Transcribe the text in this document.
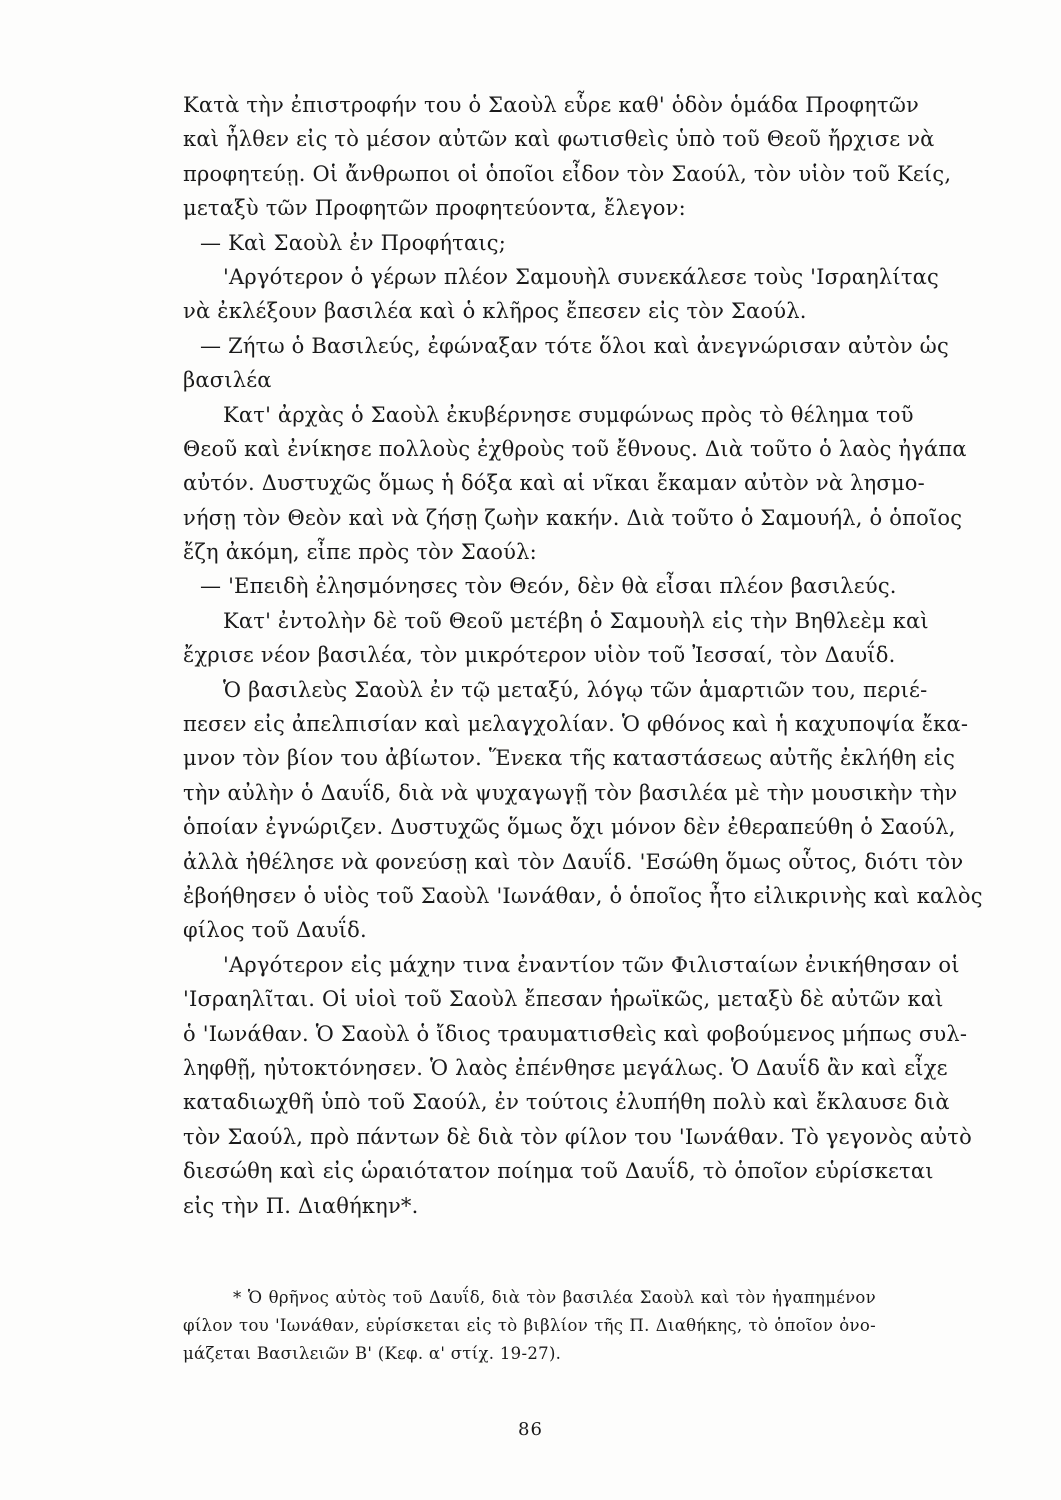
Κατὰ τὴν ἐπιστροφήν του ὁ Σαοὺλ εὗρε καθ' ὁδὸν ὁμάδα Προφητῶν
καὶ ἦλθεν εἰς τὸ μέσον αὐτῶν καὶ φωτισθεὶς ὑπὸ τοῦ Θεοῦ ἤρχισε νὰ
προφητεύῃ. Οἱ ἄνθρωποι οἱ ὁποῖοι εἶδον τὸν Σαούλ, τὸν υἱὸν τοῦ Κείς,
μεταξὺ τῶν Προφητῶν προφητεύοντα, ἔλεγον:
— Καὶ Σαοὺλ ἐν Προφήταις;
'Αργότερον ὁ γέρων πλέον Σαμουὴλ συνεκάλεσε τοὺς 'Ισραηλίτας
νὰ ἐκλέξουν βασιλέα καὶ ὁ κλῆρος ἔπεσεν εἰς τὸν Σαούλ.
— Ζήτω ὁ Βασιλεύς, ἐφώναξαν τότε ὅλοι καὶ ἀνεγνώρισαν αὐτὸν ὡς
βασιλέα
Κατ' ἀρχὰς ὁ Σαοὺλ ἐκυβέρνησε συμφώνως πρὸς τὸ θέλημα τοῦ
Θεοῦ καὶ ἐνίκησε πολλοὺς ἐχθροὺς τοῦ ἔθνους. Διὰ τοῦτο ὁ λαὸς ἠγάπα
αὐτόν. Δυστυχῶς ὅμως ἡ δόξα καὶ αἱ νῖκαι ἔκαμαν αὐτὸν νὰ λησμο-
νήσῃ τὸν Θεὸν καὶ νὰ ζήσῃ ζωὴν κακήν. Διὰ τοῦτο ὁ Σαμουήλ, ὁ ὁποῖος
ἔζη ἀκόμη, εἶπε πρὸς τὸν Σαούλ:
— 'Επειδὴ ἐλησμόνησες τὸν Θεόν, δὲν θὰ εἶσαι πλέον βασιλεύς.
Κατ' ἐντολὴν δὲ τοῦ Θεοῦ μετέβη ὁ Σαμουὴλ εἰς τὴν Βηθλεὲμ καὶ
ἔχρισε νέον βασιλέα, τὸν μικρότερον υἱὸν τοῦ Ἰεσσαί, τὸν Δαυΐδ.
Ὁ βασιλεὺς Σαοὺλ ἐν τῷ μεταξύ, λόγῳ τῶν ἁμαρτιῶν του, περιέ-
πεσεν εἰς ἀπελπισίαν καὶ μελαγχολίαν. Ὁ φθόνος καὶ ἡ καχυποψία ἔκα-
μνον τὸν βίον του ἀβίωτον. Ἕνεκα τῆς καταστάσεως αὐτῆς ἐκλήθη εἰς
τὴν αὐλὴν ὁ Δαυΐδ, διὰ νὰ ψυχαγωγῇ τὸν βασιλέα μὲ τὴν μουσικὴν τὴν
ὁποίαν ἐγνώριζεν. Δυστυχῶς ὅμως ὄχι μόνον δὲν ἐθεραπεύθη ὁ Σαούλ,
ἀλλὰ ἠθέλησε νὰ φονεύσῃ καὶ τὸν Δαυΐδ. 'Εσώθη ὅμως οὗτος, διότι τὸν
ἐβοήθησεν ὁ υἱὸς τοῦ Σαοὺλ 'Ιωνάθαν, ὁ ὁποῖος ἦτο εἰλικρινὴς καὶ καλὸς
φίλος τοῦ Δαυΐδ.
'Αργότερον εἰς μάχην τινα ἐναντίον τῶν Φιλισταίων ἐνικήθησαν οἱ
'Ισραηλῖται. Οἱ υἱοὶ τοῦ Σαοὺλ ἔπεσαν ἡρωϊκῶς, μεταξὺ δὲ αὐτῶν καὶ
ὁ 'Ιωνάθαν. Ὁ Σαοὺλ ὁ ἴδιος τραυματισθεὶς καὶ φοβούμενος μήπως συλ-
ληφθῇ, ηὐτοκτόνησεν. Ὁ λαὸς ἐπένθησε μεγάλως. Ὁ Δαυΐδ ἂν καὶ εἶχε
καταδιωχθῆ ὑπὸ τοῦ Σαούλ, ἐν τούτοις ἐλυπήθη πολὺ καὶ ἔκλαυσε διὰ
τὸν Σαούλ, πρὸ πάντων δὲ διὰ τὸν φίλον του 'Ιωνάθαν. Τὸ γεγονὸς αὐτὸ
διεσώθη καὶ εἰς ὡραιότατον ποίημα τοῦ Δαυΐδ, τὸ ὁποῖον εὑρίσκεται
εἰς τὴν Π. Διαθήκην*.
* Ὁ θρῆνος αὐτὸς τοῦ Δαυΐδ, διὰ τὸν βασιλέα Σαοὺλ καὶ τὸν ἠγαπημένον
φίλον του 'Ιωνάθαν, εὑρίσκεται εἰς τὸ βιβλίον τῆς Π. Διαθήκης, τὸ ὁποῖον ὀνο-
μάζεται Βασιλειῶν Β' (Κεφ. α' στίχ. 19-27).
86
